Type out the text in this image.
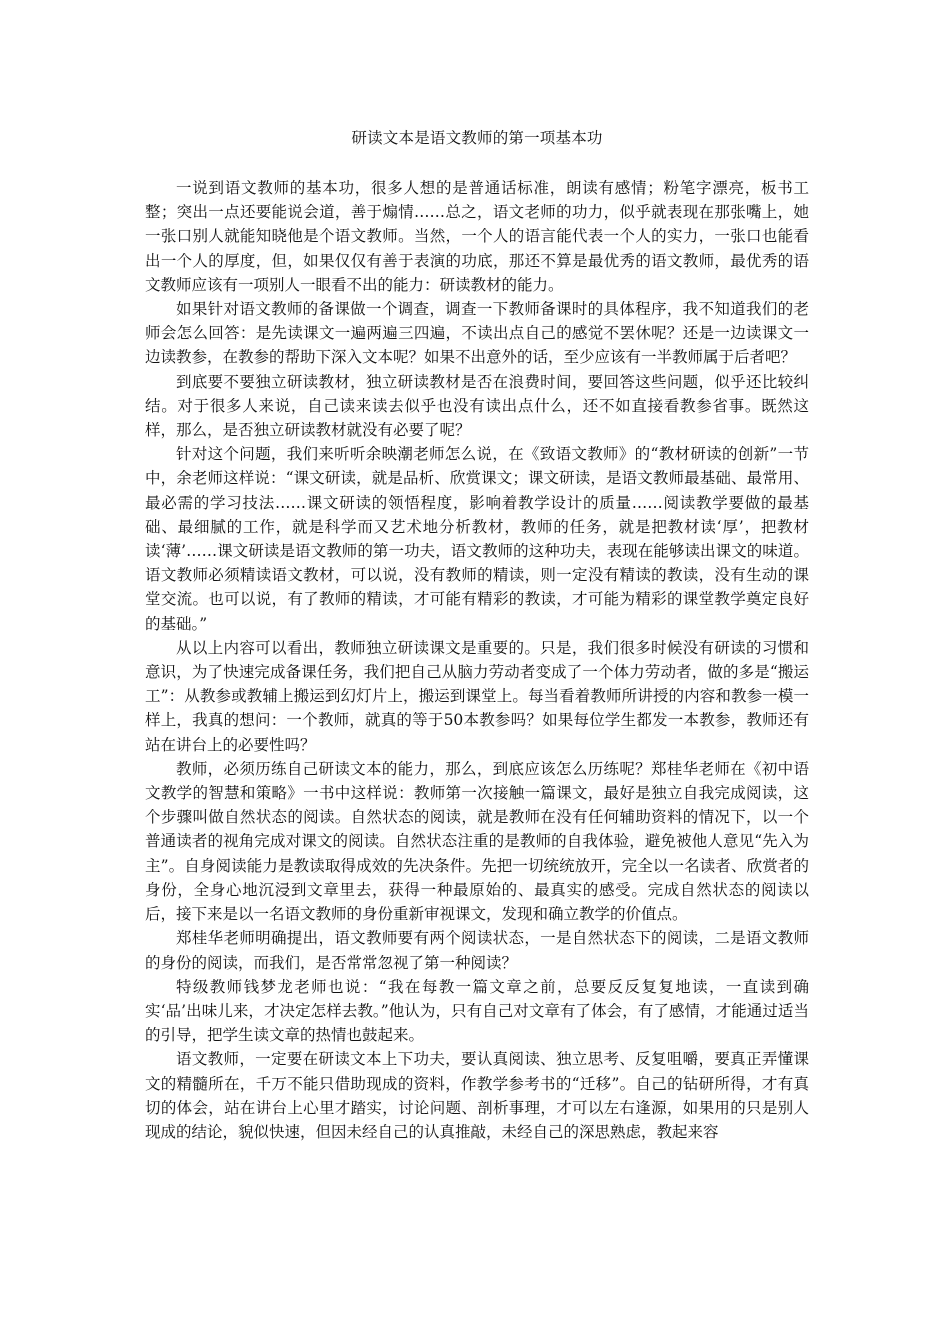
研读文本是语文教师的第一项基本功

一说到语文教师的基本功，很多人想的是普通话标准，朗读有感情；粉笔字漂亮，板书工整；突出一点还要能说会道，善于煽情……总之，语文老师的功力，似乎就表现在那张嘴上，她一张口别人就能知晓他是个语文教师。当然，一个人的语言能代表一个人的实力，一张口也能看出一个人的厚度，但，如果仅仅有善于表演的功底，那还不算是最优秀的语文教师，最优秀的语文教师应该有一项别人一眼看不出的能力：研读教材的能力。

如果针对语文教师的备课做一个调查，调查一下教师备课时的具体程序，我不知道我们的老师会怎么回答：是先读课文一遍两遍三四遍，不读出点自己的感觉不罢休呢？还是一边读课文一边读教参，在教参的帮助下深入文本呢？如果不出意外的话，至少应该有一半教师属于后者吧？

到底要不要独立研读教材，独立研读教材是否在浪费时间，要回答这些问题，似乎还比较纠结。对于很多人来说，自己读来读去似乎也没有读出点什么，还不如直接看教参省事。既然这样，那么，是否独立研读教材就没有必要了呢？

针对这个问题，我们来听听余映潮老师怎么说，在《致语文教师》的“教材研读的创新”一节中，余老师这样说：“课文研读，就是品析、欣赏课文；课文研读，是语文教师最基础、最常用、最必需的学习技法……课文研读的领悟程度，影响着教学设计的质量……阅读教学要做的最基础、最细腻的工作，就是科学而又艺术地分析教材，教师的任务，就是把教材读‘厚’，把教材读‘薄’……课文研读是语文教师的第一功夫，语文教师的这种功夫，表现在能够读出课文的味道。语文教师必须精读语文教材，可以说，没有教师的精读，则一定没有精读的教读，没有生动的课堂交流。也可以说，有了教师的精读，才可能有精彩的教读，才可能为精彩的课堂教学奠定良好的基础。”

从以上内容可以看出，教师独立研读课文是重要的。只是，我们很多时候没有研读的习惯和意识，为了快速完成备课任务，我们把自己从脑力劳动者变成了一个体力劳动者，做的多是“搬运工”：从教参或教辅上搬运到幻灯片上，搬运到课堂上。每当看着教师所讲授的内容和教参一模一样上，我真的想问：一个教师，就真的等于50本教参吗？如果每位学生都发一本教参，教师还有站在讲台上的必要性吗？

教师，必须历练自己研读文本的能力，那么，到底应该怎么历练呢？郑桂华老师在《初中语文教学的智慧和策略》一书中这样说：教师第一次接触一篇课文，最好是独立自我完成阅读，这个步骤叫做自然状态的阅读。自然状态的阅读，就是教师在没有任何辅助资料的情况下，以一个普通读者的视角完成对课文的阅读。自然状态注重的是教师的自我体验，避免被他人意见“先入为主”。自身阅读能力是教读取得成效的先决条件。先把一切统统放开，完全以一名读者、欣赏者的身份，全身心地沉浸到文章里去，获得一种最原始的、最真实的感受。完成自然状态的阅读以后，接下来是以一名语文教师的身份重新审视课文，发现和确立教学的价值点。

郑桂华老师明确提出，语文教师要有两个阅读状态，一是自然状态下的阅读，二是语文教师的身份的阅读，而我们，是否常常忽视了第一种阅读？

特级教师钱梦龙老师也说：“我在每教一篇文章之前，总要反反复复地读，一直读到确实‘品’出味儿来，才决定怎样去教。”他认为，只有自己对文章有了体会，有了感情，才能通过适当的引导，把学生读文章的热情也鼓起来。

语文教师，一定要在研读文本上下功夫，要认真阅读、独立思考、反复咀嚼，要真正弄懂课文的精髓所在，千万不能只借助现成的资料，作教学参考书的“迁移”。自己的钻研所得，才有真切的体会，站在讲台上心里才踏实，讨论问题、剖析事理，才可以左右逢源，如果用的只是别人现成的结论，貌似快速，但因未经自己的认真推敲，未经自己的深思熟虑，教起来容
